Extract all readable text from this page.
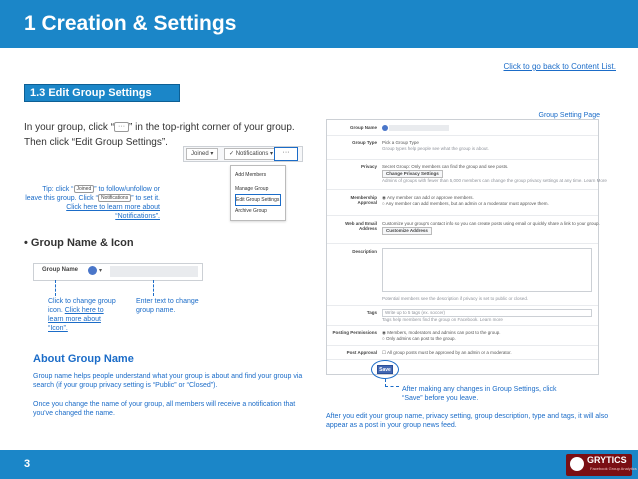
1 Creation & Settings
Click to go back to Content List.
1.3 Edit Group Settings
In your group, click “ ··· ” in the top-right corner of your group. Then click “Edit Group Settings”.
Tip: click “ Joined ” to follow/unfollow or leave this group. Click “ Notifications ” to set it. Click here to learn more about “Notifications”.
Joined ▾	✓ Notifications ▾	···
Add Members
Manage Group
Edit Group Settings
Archive Group
• Group Name & Icon
Group Name	▾
Click to change group icon. Click here to learn more about “Icon”.
Enter text to change group name.
About Group Name
Group name helps people understand what your group is about and find your group via search (if your group privacy setting is “Public” or “Closed”).
Once you change the name of your group, all members will receive a notification that you've changed the name.
Group Setting Page
Group Name

Group Type Pick a Group Type
Group types help people see what the group is about.
Privacy Secret Group: Only members can find the group and see posts.
Change Privacy Settings
Admins of groups with fewer than 5,000 members can change the group privacy settings at any time. Learn More
Membership Approval
◉ Any member can add or approve members.
○ Any member can add members, but an admin or a moderator must approve them.
Web and Email Address
Customize your group's contact info so you can create posts using email or quickly share a link to your group.
Customize Address
Description
Potential members see the description if privacy is set to public or closed.
Tags	Write up to 5 tags (ex. soccer)
Tags help members find the group on Facebook. Learn more
Posting Permissions ◉ Members, moderators and admins can post to the group.
○ Only admins can post to the group.
Post Approval ☐ All group posts must be approved by an admin or a moderator.
Save
After making any changes in Group Settings, click “Save” before you leave.
After you edit your group name, privacy setting, group description, type and tags, it will also appear as a post in your group news feed.
3	GRYTICS
Facebook Group Analytics
